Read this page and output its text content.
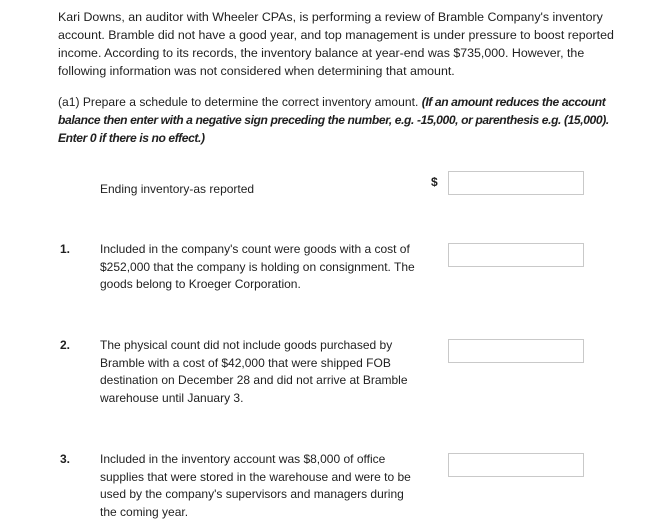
Kari Downs, an auditor with Wheeler CPAs, is performing a review of Bramble Company's inventory account. Bramble did not have a good year, and top management is under pressure to boost reported income. According to its records, the inventory balance at year-end was $735,000. However, the following information was not considered when determining that amount.

(a1) Prepare a schedule to determine the correct inventory amount. (If an amount reduces the account balance then enter with a negative sign preceding the number, e.g. -15,000, or parenthesis e.g. (15,000). Enter 0 if there is no effect.)

Ending inventory-as reported	$
1. Included in the company's count were goods with a cost of $252,000 that the company is holding on consignment. The goods belong to Kroeger Corporation.
2. The physical count did not include goods purchased by Bramble with a cost of $42,000 that were shipped FOB destination on December 28 and did not arrive at Bramble warehouse until January 3.
3. Included in the inventory account was $8,000 of office supplies that were stored in the warehouse and were to be used by the company's supervisors and managers during the coming year.
